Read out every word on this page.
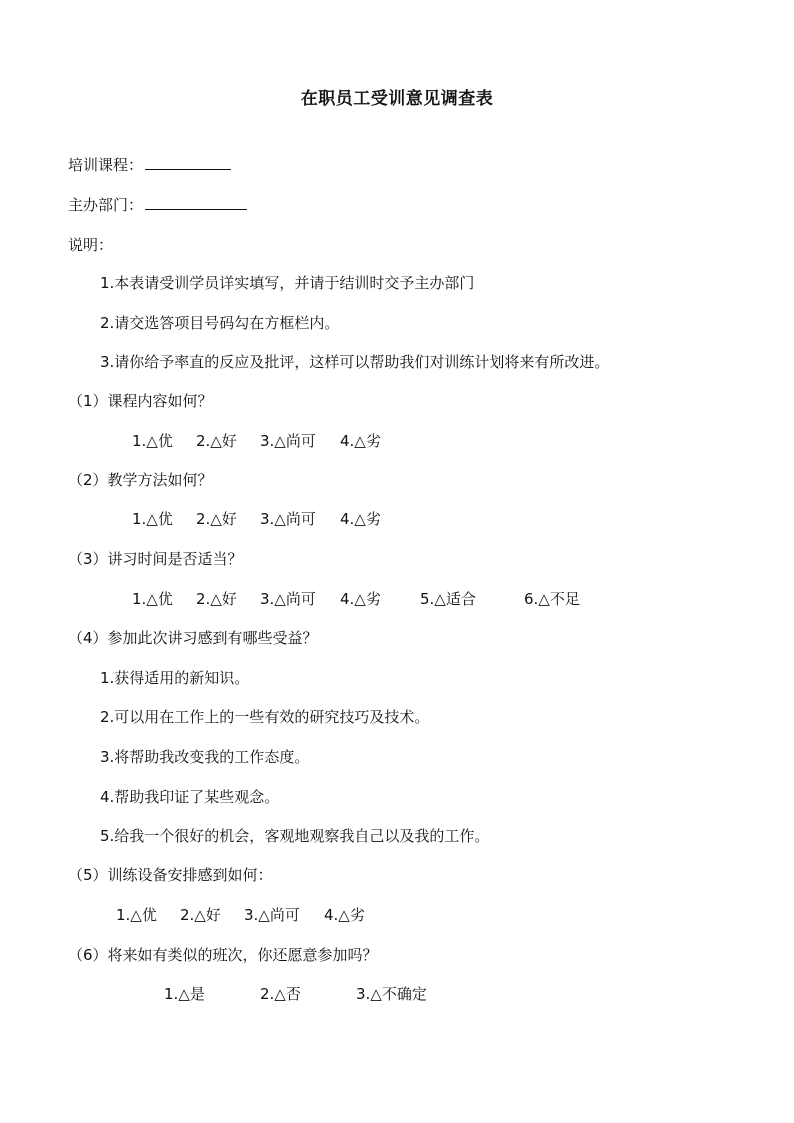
在职员工受训意见调查表
培训课程：
主办部门：
说明：
1.本表请受训学员详实填写，并请于结训时交予主办部门
2.请交选答项目号码勾在方框栏内。
3.请你给予率直的反应及批评，这样可以帮助我们对训练计划将来有所改进。
（1）课程内容如何？
1.△优 2.△好 3.△尚可 4.△劣
（2）教学方法如何？
1.△优 2.△好 3.△尚可 4.△劣
（3）讲习时间是否适当？
1.△优 2.△好 3.△尚可 4.△劣	5.△适合	6.△不足
（4）参加此次讲习感到有哪些受益？
1.获得适用的新知识。
2.可以用在工作上的一些有效的研究技巧及技术。
3.将帮助我改变我的工作态度。
4.帮助我印证了某些观念。
5.给我一个很好的机会，客观地观察我自己以及我的工作。
（5）训练设备安排感到如何：
1.△优 2.△好 3.△尚可 4.△劣
（6）将来如有类似的班次，你还愿意参加吗？
1.△是	2.△否	3.△不确定
